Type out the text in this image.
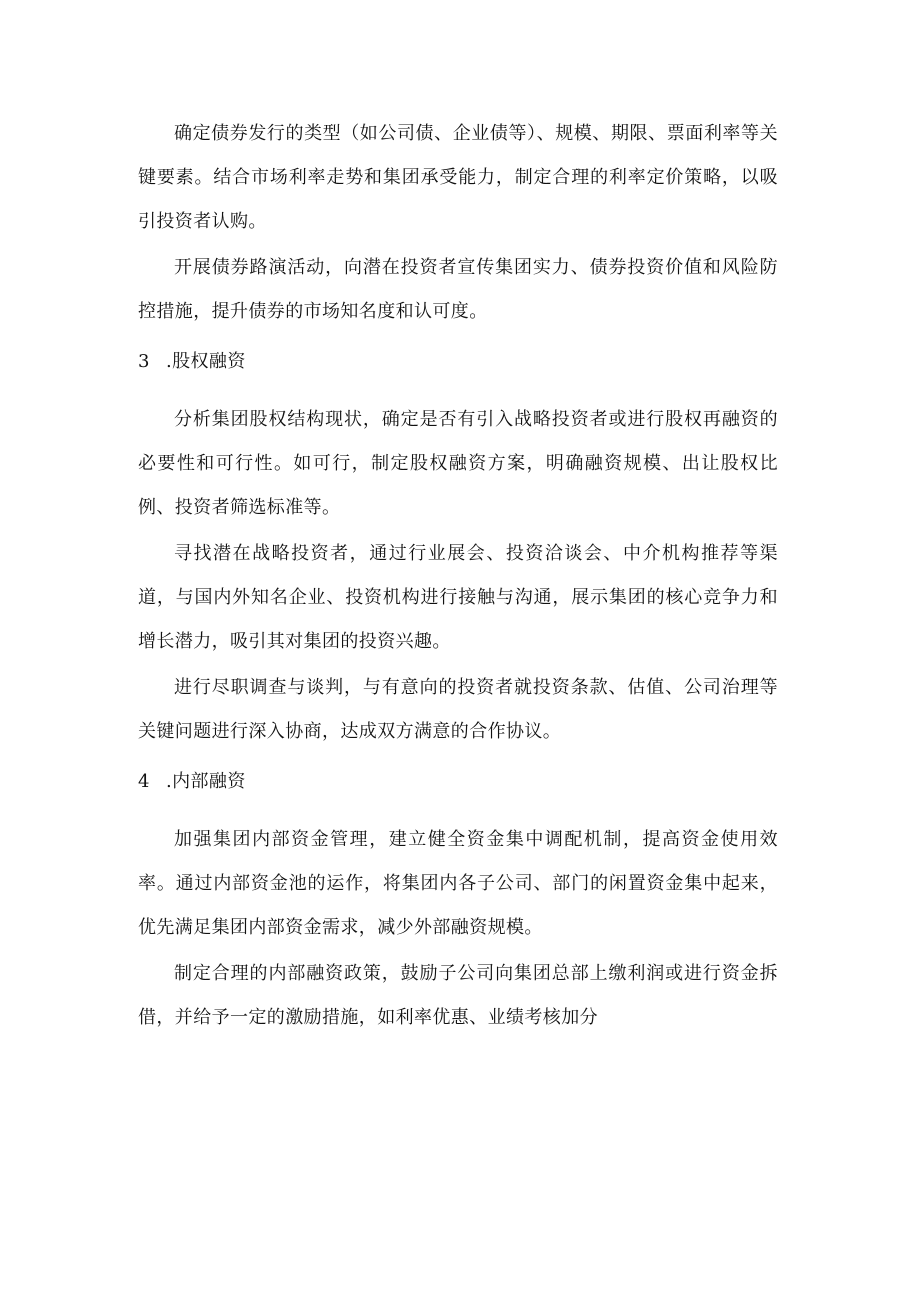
确定债券发行的类型（如公司债、企业债等）、规模、期限、票面利率等关键要素。结合市场利率走势和集团承受能力，制定合理的利率定价策略，以吸引投资者认购。

开展债券路演活动，向潜在投资者宣传集团实力、债券投资价值和风险防控措施，提升债券的市场知名度和认可度。

3 .股权融资

分析集团股权结构现状，确定是否有引入战略投资者或进行股权再融资的必要性和可行性。如可行，制定股权融资方案，明确融资规模、出让股权比例、投资者筛选标准等。

寻找潜在战略投资者，通过行业展会、投资洽谈会、中介机构推荐等渠道，与国内外知名企业、投资机构进行接触与沟通，展示集团的核心竞争力和增长潜力，吸引其对集团的投资兴趣。

进行尽职调查与谈判，与有意向的投资者就投资条款、估值、公司治理等关键问题进行深入协商，达成双方满意的合作协议。

4 .内部融资

加强集团内部资金管理，建立健全资金集中调配机制，提高资金使用效率。通过内部资金池的运作，将集团内各子公司、部门的闲置资金集中起来，优先满足集团内部资金需求，减少外部融资规模。

制定合理的内部融资政策，鼓励子公司向集团总部上缴利润或进行资金拆借，并给予一定的激励措施，如利率优惠、业绩考核加分
